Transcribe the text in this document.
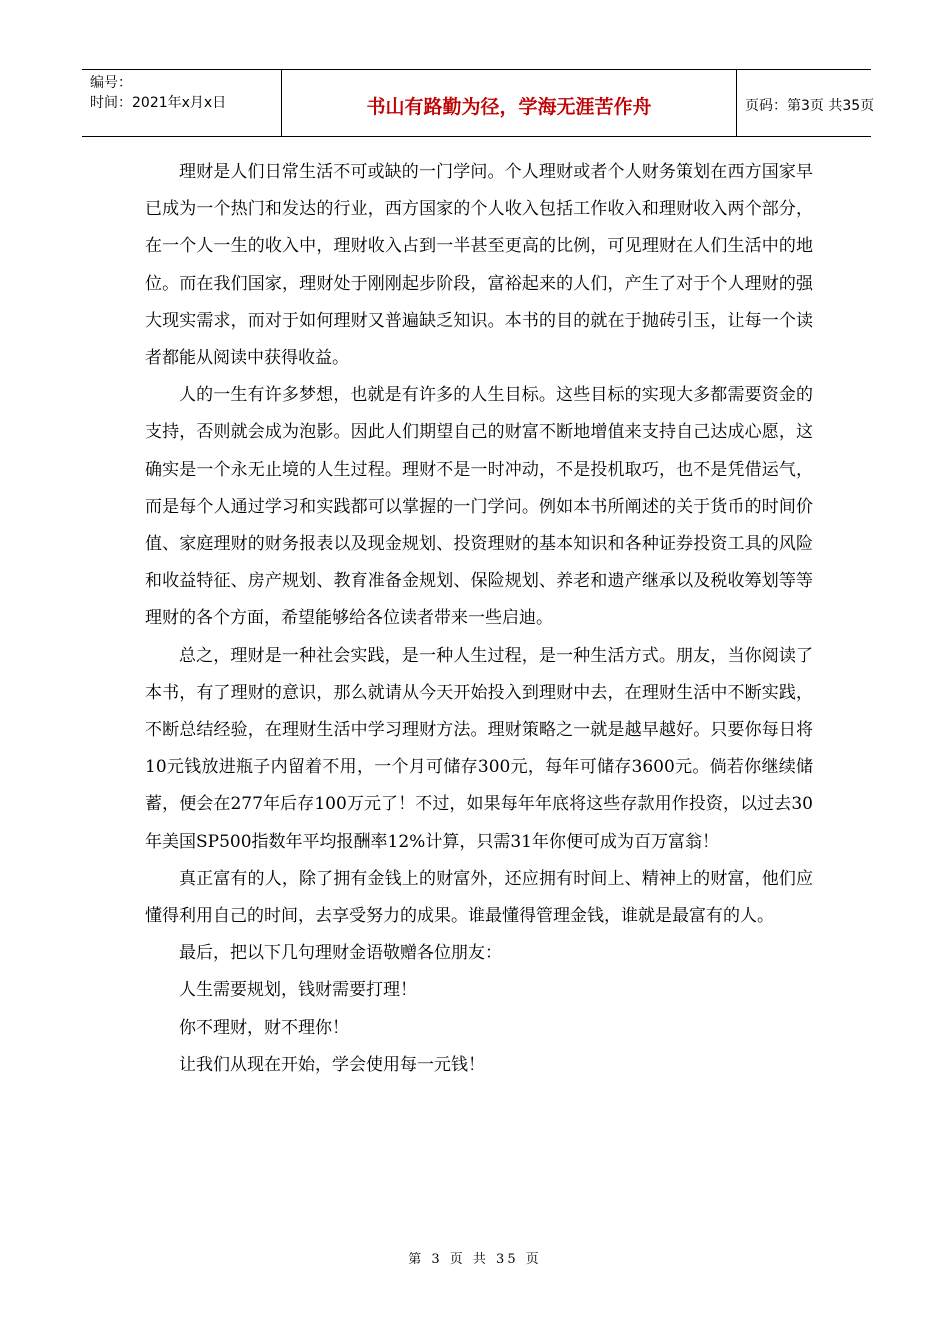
编号：
时间：2021年x月x日	书山有路勤为径，学海无涯苦作舟	页码：第3页 共35页

理财是人们日常生活不可或缺的一门学问。个人理财或者个人财务策划在西方国家早已成为一个热门和发达的行业，西方国家的个人收入包括工作收入和理财收入两个部分，在一个人一生的收入中，理财收入占到一半甚至更高的比例，可见理财在人们生活中的地位。而在我们国家，理财处于刚刚起步阶段，富裕起来的人们，产生了对于个人理财的强大现实需求，而对于如何理财又普遍缺乏知识。本书的目的就在于抛砖引玉，让每一个读者都能从阅读中获得收益。

人的一生有许多梦想，也就是有许多的人生目标。这些目标的实现大多都需要资金的支持，否则就会成为泡影。因此人们期望自己的财富不断地增值来支持自己达成心愿，这确实是一个永无止境的人生过程。理财不是一时冲动，不是投机取巧，也不是凭借运气，而是每个人通过学习和实践都可以掌握的一门学问。例如本书所阐述的关于货币的时间价值、家庭理财的财务报表以及现金规划、投资理财的基本知识和各种证券投资工具的风险和收益特征、房产规划、教育准备金规划、保险规划、养老和遗产继承以及税收筹划等等理财的各个方面，希望能够给各位读者带来一些启迪。

总之，理财是一种社会实践，是一种人生过程，是一种生活方式。朋友，当你阅读了本书，有了理财的意识，那么就请从今天开始投入到理财中去，在理财生活中不断实践，不断总结经验，在理财生活中学习理财方法。理财策略之一就是越早越好。只要你每日将10元钱放进瓶子内留着不用，一个月可储存300元，每年可储存3600元。倘若你继续储蓄，便会在277年后存100万元了！不过，如果每年年底将这些存款用作投资，以过去30年美国SP500指数年平均报酬率12%计算，只需31年你便可成为百万富翁！

真正富有的人，除了拥有金钱上的财富外，还应拥有时间上、精神上的财富，他们应懂得利用自己的时间，去享受努力的成果。谁最懂得管理金钱，谁就是最富有的人。

最后，把以下几句理财金语敬赠各位朋友：

人生需要规划，钱财需要打理！

你不理财，财不理你！

让我们从现在开始，学会使用每一元钱！

第 3 页 共 35 页
